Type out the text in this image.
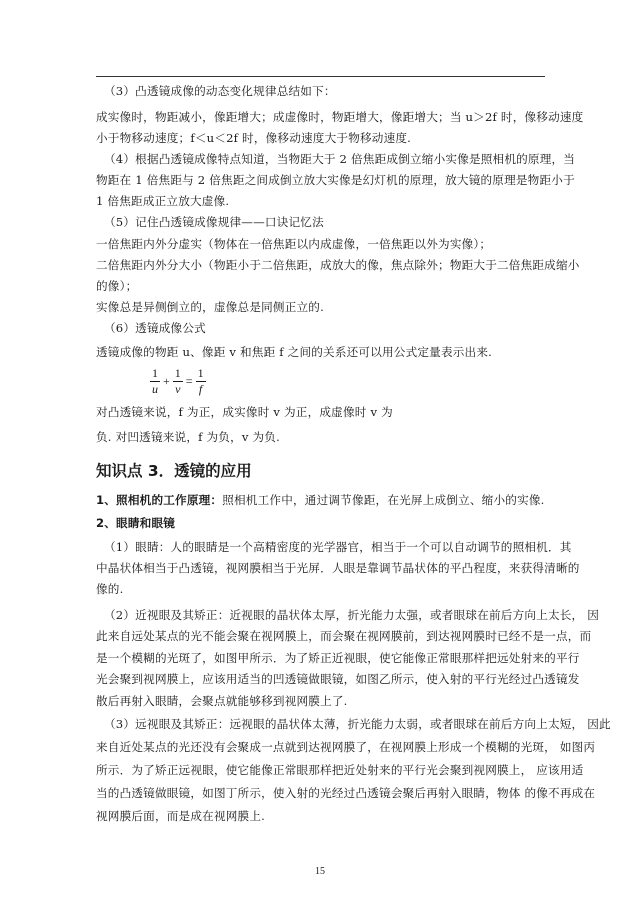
（3）凸透镜成像的动态变化规律总结如下：
成实像时，物距减小，像距增大；成虚像时，物距增大，像距增大；当 u＞2f 时，像移动速度
小于物移动速度；f＜u＜2f 时，像移动速度大于物移动速度.
（4）根据凸透镜成像特点知道，当物距大于 2 倍焦距成倒立缩小实像是照相机的原理，当
物距在 1 倍焦距与 2 倍焦距之间成倒立放大实像是幻灯机的原理，放大镜的原理是物距小于
1 倍焦距成正立放大虚像.
（5）记住凸透镜成像规律——口诀记忆法
一倍焦距内外分虚实（物体在一倍焦距以内成虚像，一倍焦距以外为实像）；
二倍焦距内外分大小（物距小于二倍焦距，成放大的像，焦点除外；物距大于二倍焦距成缩小
的像）；
实像总是异侧倒立的，虚像总是同侧正立的.
（6）透镜成像公式
透镜成像的物距 u、像距 v 和焦距 f 之间的关系还可以用公式定量表示出来.
$\frac{1}{u} + \frac{1}{v} = \frac{1}{f}$
对凸透镜来说，f 为正，成实像时 v 为正，成虚像时 v 为
负. 对凹透镜来说，f 为负，v 为负.
知识点 3．透镜的应用
1、照相机的工作原理：照相机工作中，通过调节像距，在光屏上成倒立、缩小的实像.
2、眼睛和眼镜
（1）眼睛：人的眼睛是一个高精密度的光学器官，相当于一个可以自动调节的照相机．其
中晶状体相当于凸透镜，视网膜相当于光屏．人眼是靠调节晶状体的平凸程度，来获得清晰的
像的.
（2）近视眼及其矫正：近视眼的晶状体太厚，折光能力太强，或者眼球在前后方向上太长， 因
此来自远处某点的光不能会聚在视网膜上，而会聚在视网膜前，到达视网膜时已经不是一点，而
是一个模糊的光斑了，如图甲所示．为了矫正近视眼，使它能像正常眼那样把远处射来的平行
光会聚到视网膜上，应该用适当的凹透镜做眼镜，如图乙所示，使入射的平行光经过凸透镜发
散后再射入眼睛，会聚点就能够移到视网膜上了.
（3）远视眼及其矫正：远视眼的晶状体太薄，折光能力太弱，或者眼球在前后方向上太短， 因此
来自近处某点的光还没有会聚成一点就到达视网膜了，在视网膜上形成一个模糊的光斑， 如图丙
所示．为了矫正远视眼，使它能像正常眼那样把近处射来的平行光会聚到视网膜上， 应该用适
当的凸透镜做眼镜，如图丁所示，使入射的光经过凸透镜会聚后再射入眼睛，物体 的像不再成在
视网膜后面，而是成在视网膜上.
15
